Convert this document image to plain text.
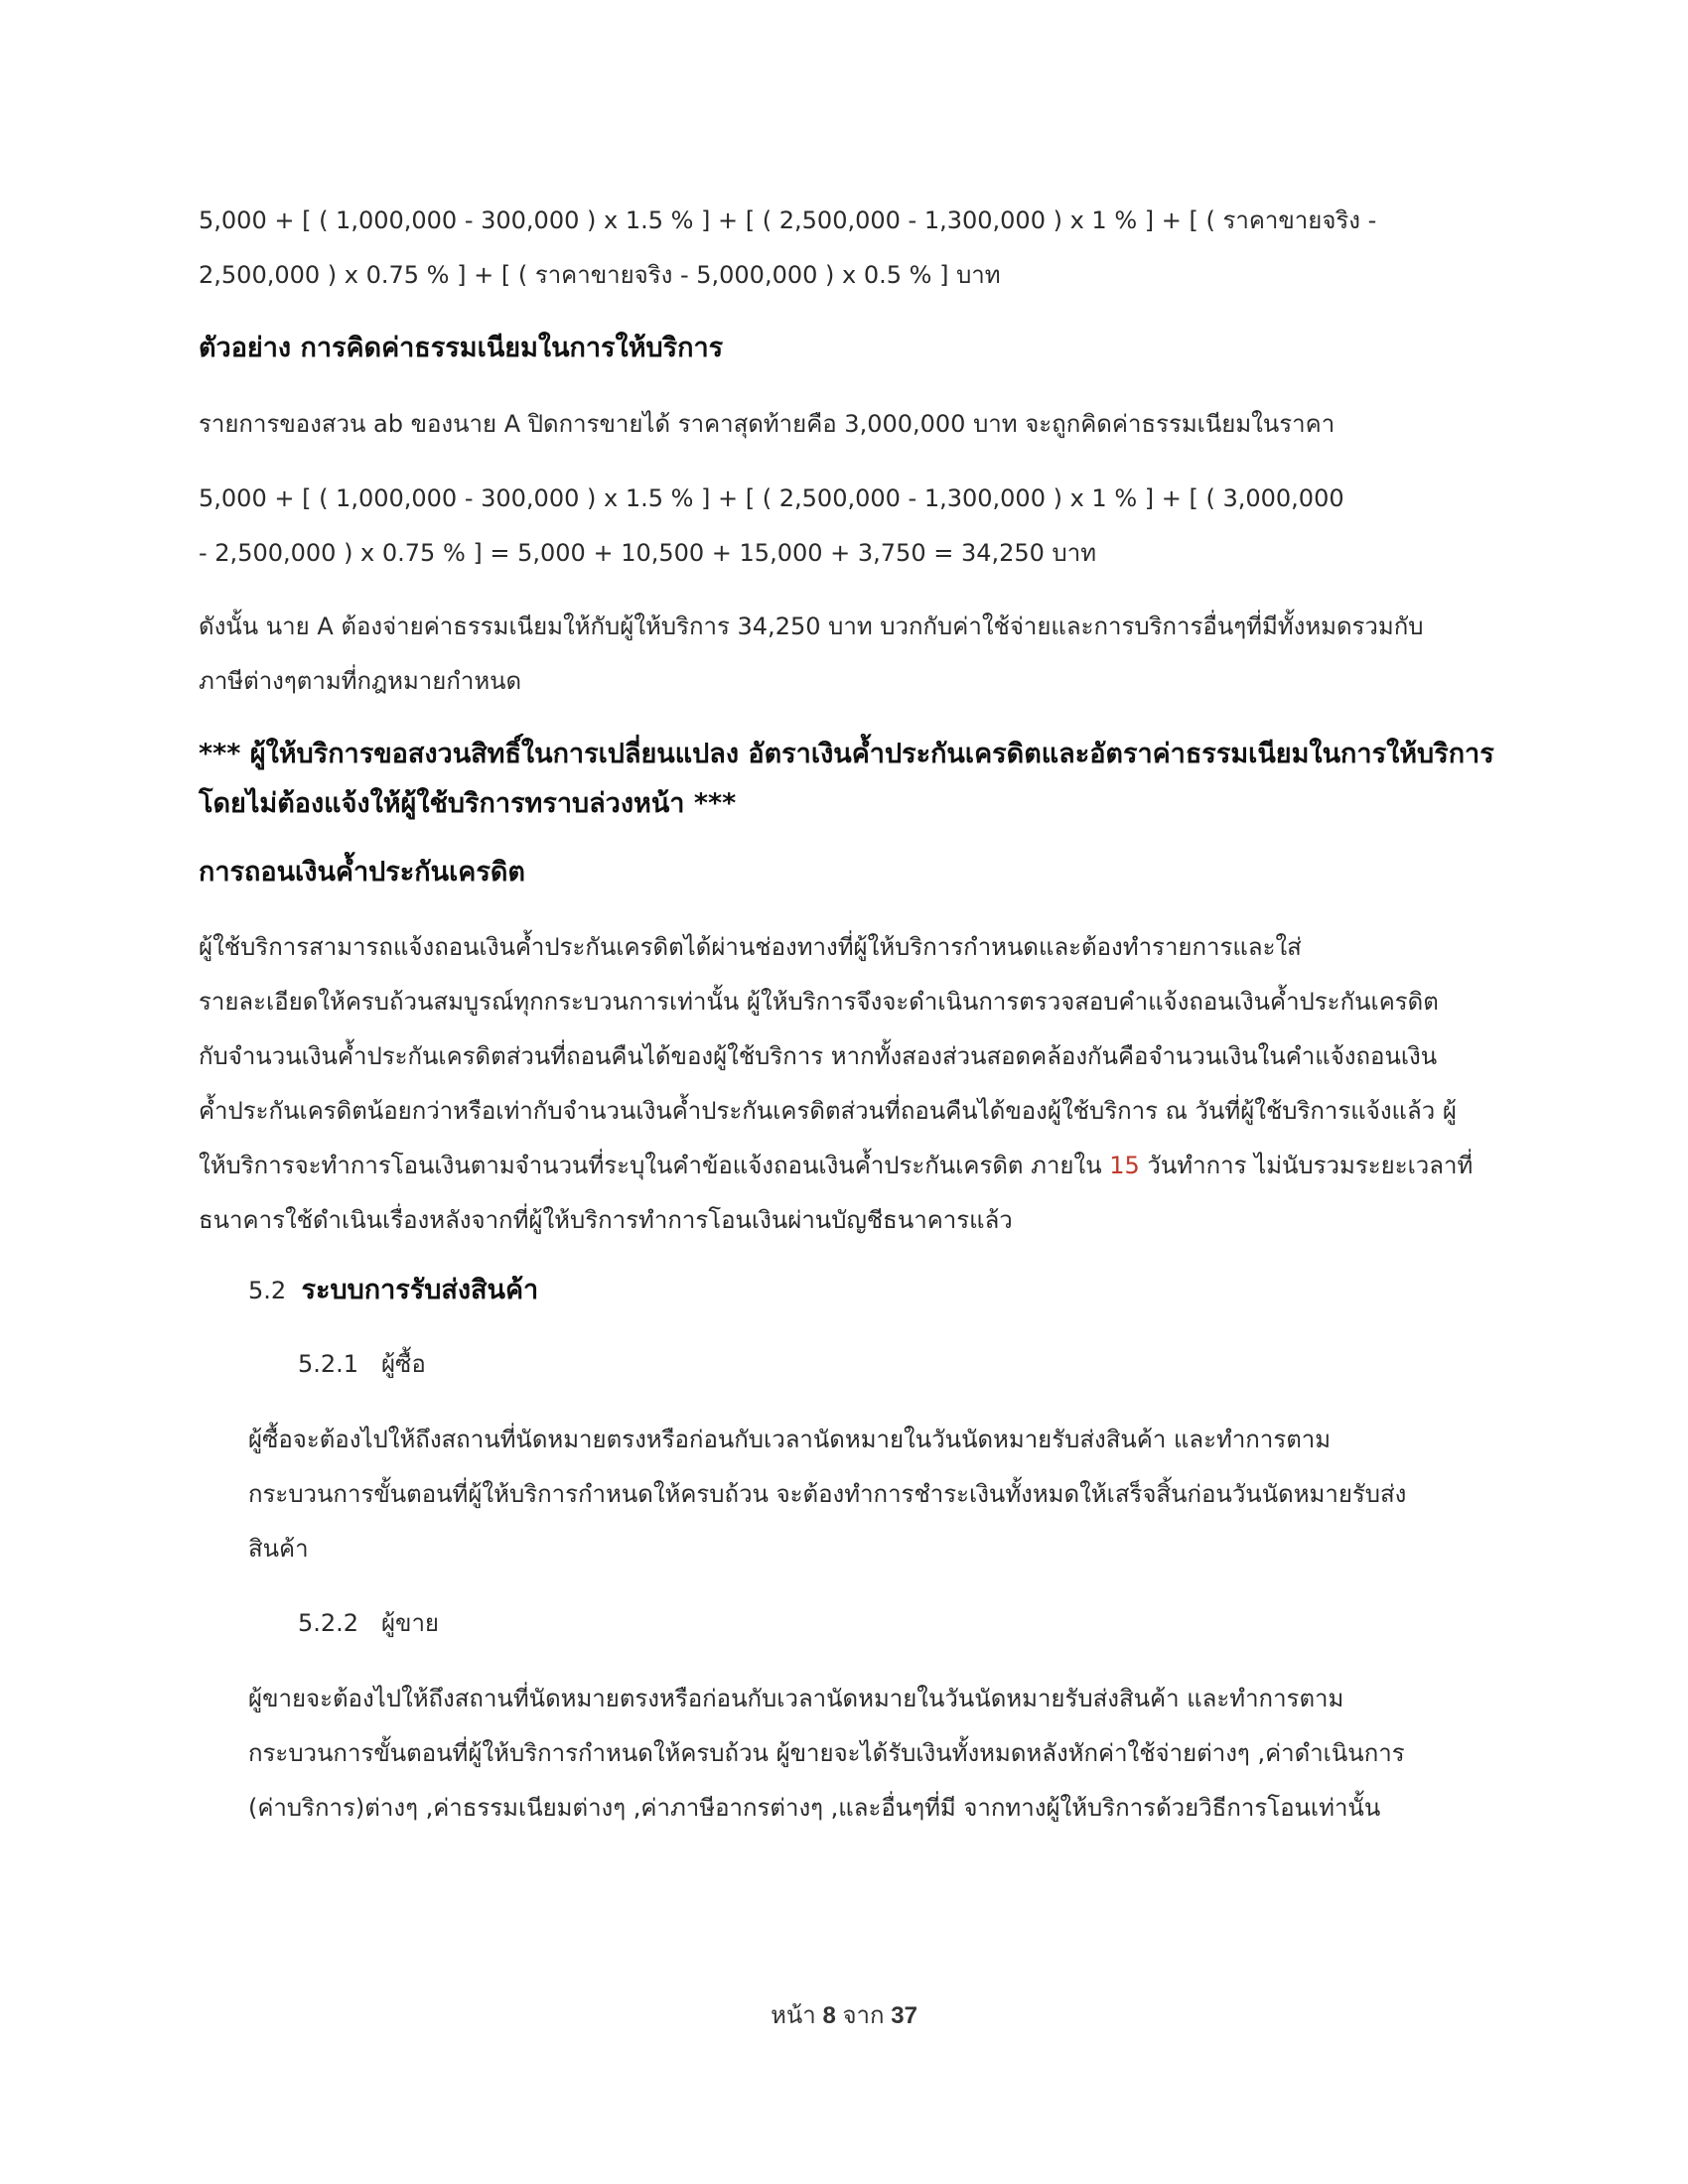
5,000 + [ ( 1,000,000 - 300,000 ) x 1.5 % ] + [ ( 2,500,000 - 1,300,000 ) x 1 % ] + [ ( ราคาขายจริง -
2,500,000 ) x 0.75 % ] + [ ( ราคาขายจริง - 5,000,000 ) x 0.5 % ] บาท
ตัวอย่าง การคิดค่าธรรมเนียมในการให้บริการ
รายการของสวน ab ของนาย A ปิดการขายได้ ราคาสุดท้ายคือ 3,000,000 บาท จะถูกคิดค่าธรรมเนียมในราคา
5,000 + [ ( 1,000,000 - 300,000 ) x 1.5 % ] + [ ( 2,500,000 - 1,300,000 ) x 1 % ] + [ ( 3,000,000
- 2,500,000 ) x 0.75 % ] = 5,000 + 10,500 + 15,000 + 3,750 = 34,250 บาท
ดังนั้น นาย A ต้องจ่ายค่าธรรมเนียมให้กับผู้ให้บริการ 34,250 บาท บวกกับค่าใช้จ่ายและการบริการอื่นๆที่มีทั้งหมดรวมกับ
ภาษีต่างๆตามที่กฎหมายกำหนด
*** ผู้ให้บริการขอสงวนสิทธิ์ในการเปลี่ยนแปลง อัตราเงินค้ำประกันเครดิตและอัตราค่าธรรมเนียมในการให้บริการ
โดยไม่ต้องแจ้งให้ผู้ใช้บริการทราบล่วงหน้า ***
การถอนเงินค้ำประกันเครดิต
ผู้ใช้บริการสามารถแจ้งถอนเงินค้ำประกันเครดิตได้ผ่านช่องทางที่ผู้ให้บริการกำหนดและต้องทำรายการและใส่
รายละเอียดให้ครบถ้วนสมบูรณ์ทุกกระบวนการเท่านั้น ผู้ให้บริการจึงจะดำเนินการตรวจสอบคำแจ้งถอนเงินค้ำประกันเครดิต
กับจำนวนเงินค้ำประกันเครดิตส่วนที่ถอนคืนได้ของผู้ใช้บริการ หากทั้งสองส่วนสอดคล้องกันคือจำนวนเงินในคำแจ้งถอนเงิน
ค้ำประกันเครดิตน้อยกว่าหรือเท่ากับจำนวนเงินค้ำประกันเครดิตส่วนที่ถอนคืนได้ของผู้ใช้บริการ ณ วันที่ผู้ใช้บริการแจ้งแล้ว ผู้
ให้บริการจะทำการโอนเงินตามจำนวนที่ระบุในคำข้อแจ้งถอนเงินค้ำประกันเครดิต ภายใน 15 วันทำการ ไม่นับรวมระยะเวลาที่
ธนาคารใช้ดำเนินเรื่องหลังจากที่ผู้ให้บริการทำการโอนเงินผ่านบัญชีธนาคารแล้ว
5.2 ระบบการรับส่งสินค้า
5.2.1 ผู้ซื้อ
ผู้ซื้อจะต้องไปให้ถึงสถานที่นัดหมายตรงหรือก่อนกับเวลานัดหมายในวันนัดหมายรับส่งสินค้า และทำการตาม
กระบวนการขั้นตอนที่ผู้ให้บริการกำหนดให้ครบถ้วน จะต้องทำการชำระเงินทั้งหมดให้เสร็จสิ้นก่อนวันนัดหมายรับส่ง
สินค้า
5.2.2 ผู้ขาย
ผู้ขายจะต้องไปให้ถึงสถานที่นัดหมายตรงหรือก่อนกับเวลานัดหมายในวันนัดหมายรับส่งสินค้า และทำการตาม
กระบวนการขั้นตอนที่ผู้ให้บริการกำหนดให้ครบถ้วน ผู้ขายจะได้รับเงินทั้งหมดหลังหักค่าใช้จ่ายต่างๆ ,ค่าดำเนินการ
(ค่าบริการ)ต่างๆ ,ค่าธรรมเนียมต่างๆ ,ค่าภาษีอากรต่างๆ ,และอื่นๆที่มี จากทางผู้ให้บริการด้วยวิธีการโอนเท่านั้น
หน้า 8 จาก 37
